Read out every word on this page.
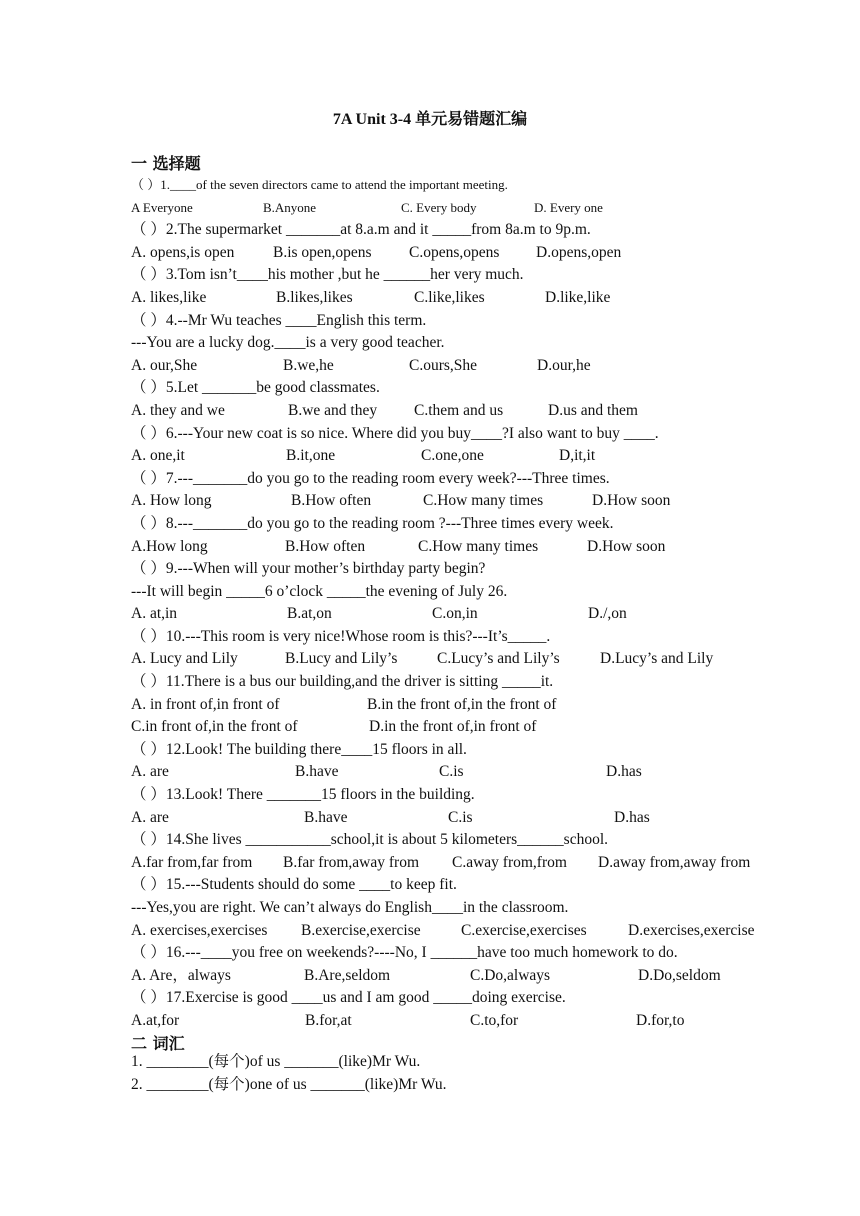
7A Unit 3-4 单元易错题汇编
一 选择题
（ ）1.____of the seven directors came to attend the important meeting.
A Everyone	B.Anyone	C. Every body	D. Every one
（ ）2.The supermarket _______at 8.a.m and it _____from 8a.m to 9p.m.
A. opens,is open B.is open,opens C.opens,opens D.opens,open
（ ）3.Tom isn’t____his mother ,but he ______her very much.
A. likes,like	B.likes,likes	C.like,likes	D.like,like
（ ）4.--Mr Wu teaches ____English this term.
---You are a lucky dog.____is a very good teacher.
A. our,She	B.we,he	C.ours,She	D.our,he
（ ）5.Let _______be good classmates.
A. they and we	B.we and they C.them and us	D.us and them
（ ）6.---Your new coat is so nice. Where did you buy____?I also want to buy ____.
A. one,it	B.it,one	C.one,one	D,it,it
（ ）7.---_______do you go to the reading room every week?---Three times.
A. How long	B.How often	C.How many times	D.How soon
（ ）8.---_______do you go to the reading room ?---Three times every week.
A.How long	B.How often	C.How many times	D.How soon
（ ）9.---When will your mother’s birthday party begin?
---It will begin _____6 o’clock _____the evening of July 26.
A. at,in	B.at,on	C.on,in	D./,on
（ ）10.---This room is very nice!Whose room is this?---It’s_____.
A. Lucy and Lily	B.Lucy and Lily’s	C.Lucy’s and Lily’s	D.Lucy’s and Lily
（ ）11.There is a bus our building,and the driver is sitting _____it.
A. in front of,in front of	B.in the front of,in the front of
C.in front of,in the front of	D.in the front of,in front of
（ ）12.Look! The building there____15 floors in all.
A. are	B.have	C.is	D.has
（ ）13.Look! There _______15 floors in the building.
A. are	B.have	C.is	D.has
（ ）14.She lives ___________school,it is about 5 kilometers______school.
A.far from,far from B.far from,away from C.away from,from D.away from,away from
（ ）15.---Students should do some ____to keep fit.
---Yes,you are right. We can’t always do English____in the classroom.
A. exercises,exercises B.exercise,exercise	C.exercise,exercises	D.exercises,exercise
（ ）16.---____you free on weekends?----No, I ______have too much homework to do.
A. Are，always	B.Are,seldom	C.Do,always	D.Do,seldom
（ ）17.Exercise is good ____us and I am good _____doing exercise.
A.at,for	B.for,at	C.to,for	D.for,to
二 词汇
1. ________(每个)of us _______(like)Mr Wu.
2. ________(每个)one of us _______(like)Mr Wu.
